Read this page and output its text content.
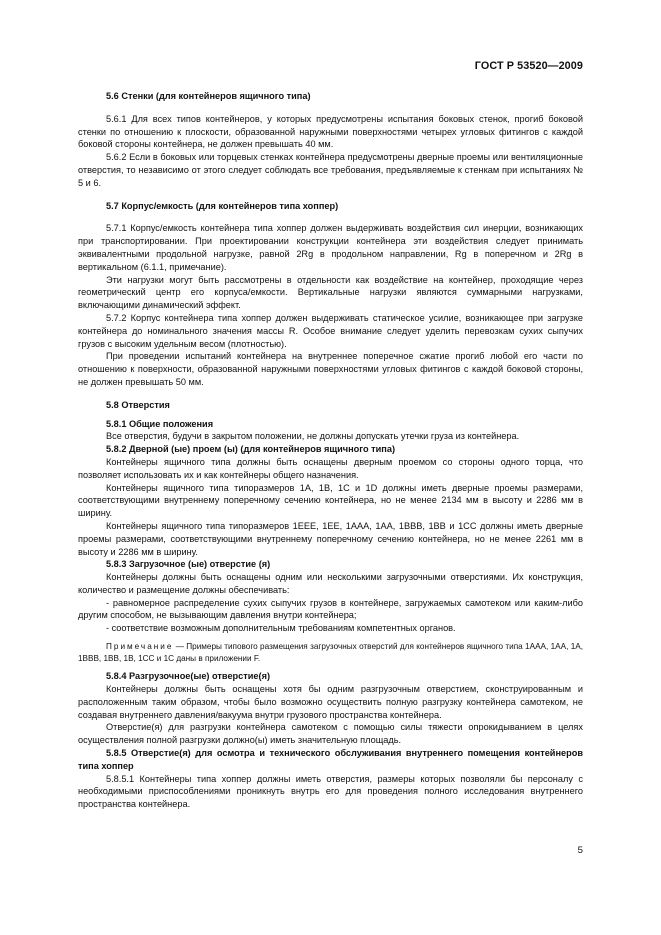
ГОСТ Р 53520—2009

5.6 Стенки (для контейнеров ящичного типа)

5.6.1 Для всех типов контейнеров, у которых предусмотрены испытания боковых стенок, прогиб боковой стенки по отношению к плоскости, образованной наружными поверхностями четырех угловых фитингов с каждой боковой стороны контейнера, не должен превышать 40 мм.

5.6.2 Если в боковых или торцевых стенках контейнера предусмотрены дверные проемы или вентиляционные отверстия, то независимо от этого следует соблюдать все требования, предъявляемые к стенкам при испытаниях № 5 и 6.

5.7 Корпус/емкость (для контейнеров типа хоппер)

5.7.1 Корпус/емкость контейнера типа хоппер должен выдерживать воздействия сил инерции, возникающих при транспортировании. При проектировании конструкции контейнера эти воздействия следует принимать эквивалентными продольной нагрузке, равной 2Rg в продольном направлении, Rg в поперечном и 2Rg в вертикальном (6.1.1, примечание).

Эти нагрузки могут быть рассмотрены в отдельности как воздействие на контейнер, проходящие через геометрический центр его корпуса/емкости. Вертикальные нагрузки являются суммарными нагрузками, включающими динамический эффект.

5.7.2 Корпус контейнера типа хоппер должен выдерживать статическое усилие, возникающее при загрузке контейнера до номинального значения массы R. Особое внимание следует уделить перевозкам сухих сыпучих грузов с высоким удельным весом (плотностью).

При проведении испытаний контейнера на внутреннее поперечное сжатие прогиб любой его части по отношению к поверхности, образованной наружными поверхностями угловых фитингов с каждой боковой стороны, не должен превышать 50 мм.

5.8 Отверстия

5.8.1 Общие положения

Все отверстия, будучи в закрытом положении, не должны допускать утечки груза из контейнера.

5.8.2 Дверной (ые) проем (ы) (для контейнеров ящичного типа)

Контейнеры ящичного типа должны быть оснащены дверным проемом со стороны одного торца, что позволяет использовать их и как контейнеры общего назначения.

Контейнеры ящичного типа типоразмеров 1А, 1В, 1С и 1D должны иметь дверные проемы размерами, соответствующими внутреннему поперечному сечению контейнера, но не менее 2134 мм в высоту и 2286 мм в ширину.

Контейнеры ящичного типа типоразмеров 1ЕЕЕ, 1ЕЕ, 1ААА, 1АА, 1ВВВ, 1ВВ и 1СС должны иметь дверные проемы размерами, соответствующими внутреннему поперечному сечению контейнера, но не менее 2261 мм в высоту и 2286 мм в ширину.

5.8.3 Загрузочное (ые) отверстие (я)

Контейнеры должны быть оснащены одним или несколькими загрузочными отверстиями. Их конструкция, количество и размещение должны обеспечивать:

- равномерное распределение сухих сыпучих грузов в контейнере, загружаемых самотеком или каким-либо другим способом, не вызывающим давления внутри контейнера;

- соответствие возможным дополнительным требованиям компетентных органов.

Примечание — Примеры типового размещения загрузочных отверстий для контейнеров ящичного типа 1ААА, 1АА, 1А, 1ВВВ, 1ВВ, 1В, 1СС и 1С даны в приложении F.

5.8.4 Разгрузочное(ые) отверстие(я)

Контейнеры должны быть оснащены хотя бы одним разгрузочным отверстием, сконструированным и расположенным таким образом, чтобы было возможно осуществить полную разгрузку контейнера самотеком, не создавая внутреннего давления/вакуума внутри грузового пространства контейнера.

Отверстие(я) для разгрузки контейнера самотеком с помощью силы тяжести опрокидыванием в целях осуществления полной разгрузки должно(ы) иметь значительную площадь.

5.8.5 Отверстие(я) для осмотра и технического обслуживания внутреннего помещения контейнеров типа хоппер

5.8.5.1 Контейнеры типа хоппер должны иметь отверстия, размеры которых позволяли бы персоналу с необходимыми приспособлениями проникнуть внутрь его для проведения полного исследования внутреннего пространства контейнера.

5
